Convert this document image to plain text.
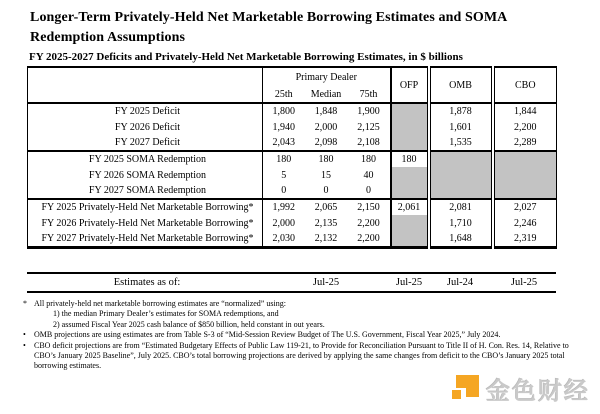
Longer-Term Privately-Held Net Marketable Borrowing Estimates and SOMA Redemption Assumptions
FY 2025-2027 Deficits and Privately-Held Net Marketable Borrowing Estimates, in $ billions
	Primary Dealer			OFP	OMB	CBO
	25th	Median	75th			
FY 2025 Deficit	1,800	1,848	1,900		1,878	1,844
FY 2026 Deficit	1,940	2,000	2,125		1,601	2,200
FY 2027 Deficit	2,043	2,098	2,108		1,535	2,289
FY 2025 SOMA Redemption	180	180	180	180		
FY 2026 SOMA Redemption	5	15	40			
FY 2027 SOMA Redemption	0	0	0			
FY 2025 Privately-Held Net Marketable Borrowing*	1,992	2,065	2,150	2,061	2,081	2,027
FY 2026 Privately-Held Net Marketable Borrowing*	2,000	2,135	2,200		1,710	2,246
FY 2027 Privately-Held Net Marketable Borrowing*	2,030	2,132	2,200		1,648	2,319
Estimates as of:	Jul-25	Jul-25	Jul-24	Jul-25
* All privately-held net marketable borrowing estimates are “normalized” using:
1) the median Primary Dealer’s estimates for SOMA redemptions, and
2) assumed Fiscal Year 2025 cash balance of $850 billion, held constant in out years.
•	OMB projections are using estimates are from Table S-3 of “Mid-Session Review Budget of The U.S. Government, Fiscal Year 2025,” July 2024.
•	CBO deficit projections are from “Estimated Budgetary Effects of Public Law 119-21, to Provide for Reconciliation Pursuant to Title II of H. Con. Res. 14, Relative to CBO’s January 2025 Baseline”, July 2025. CBO’s total borrowing projections are derived by applying the same changes from deficit to the CBO’s January 2025 total borrowing estimates.
金色财经
